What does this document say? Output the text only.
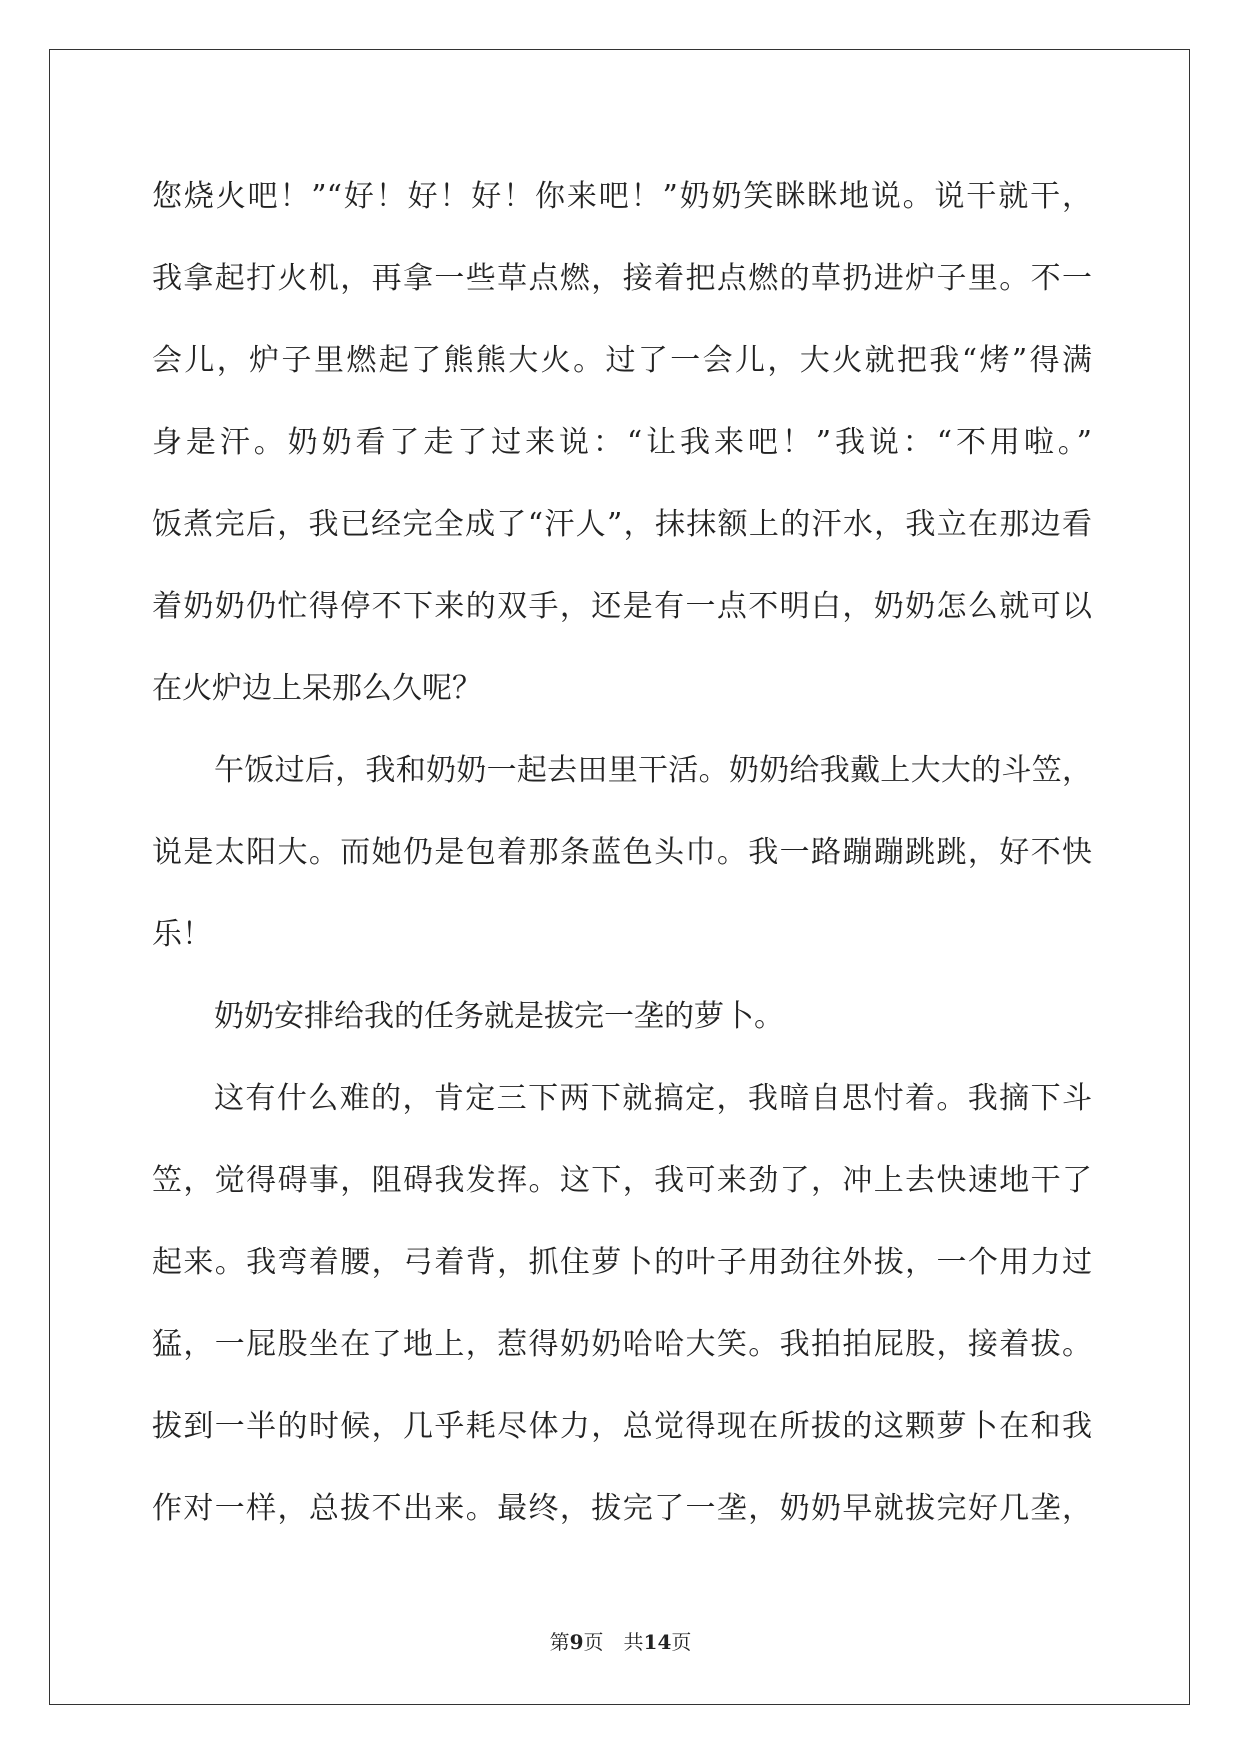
您烧火吧！”“好！好！好！你来吧！”奶奶笑眯眯地说。说干就干，
我拿起打火机，再拿一些草点燃，接着把点燃的草扔进炉子里。不一
会儿，炉子里燃起了熊熊大火。过了一会儿，大火就把我“烤”得满
身是汗。奶奶看了走了过来说：“让我来吧！”我说：“不用啦。”
饭煮完后，我已经完全成了“汗人”，抹抹额上的汗水，我立在那边看
着奶奶仍忙得停不下来的双手，还是有一点不明白，奶奶怎么就可以
在火炉边上呆那么久呢？
午饭过后，我和奶奶一起去田里干活。奶奶给我戴上大大的斗笠，
说是太阳大。而她仍是包着那条蓝色头巾。我一路蹦蹦跳跳，好不快
乐！
奶奶安排给我的任务就是拔完一垄的萝卜。
这有什么难的，肯定三下两下就搞定，我暗自思忖着。我摘下斗
笠，觉得碍事，阻碍我发挥。这下，我可来劲了，冲上去快速地干了
起来。我弯着腰，弓着背，抓住萝卜的叶子用劲往外拔，一个用力过
猛，一屁股坐在了地上，惹得奶奶哈哈大笑。我拍拍屁股，接着拔。
拔到一半的时候，几乎耗尽体力，总觉得现在所拔的这颗萝卜在和我
作对一样，总拔不出来。最终，拔完了一垄，奶奶早就拔完好几垄，
第9页　共14页
